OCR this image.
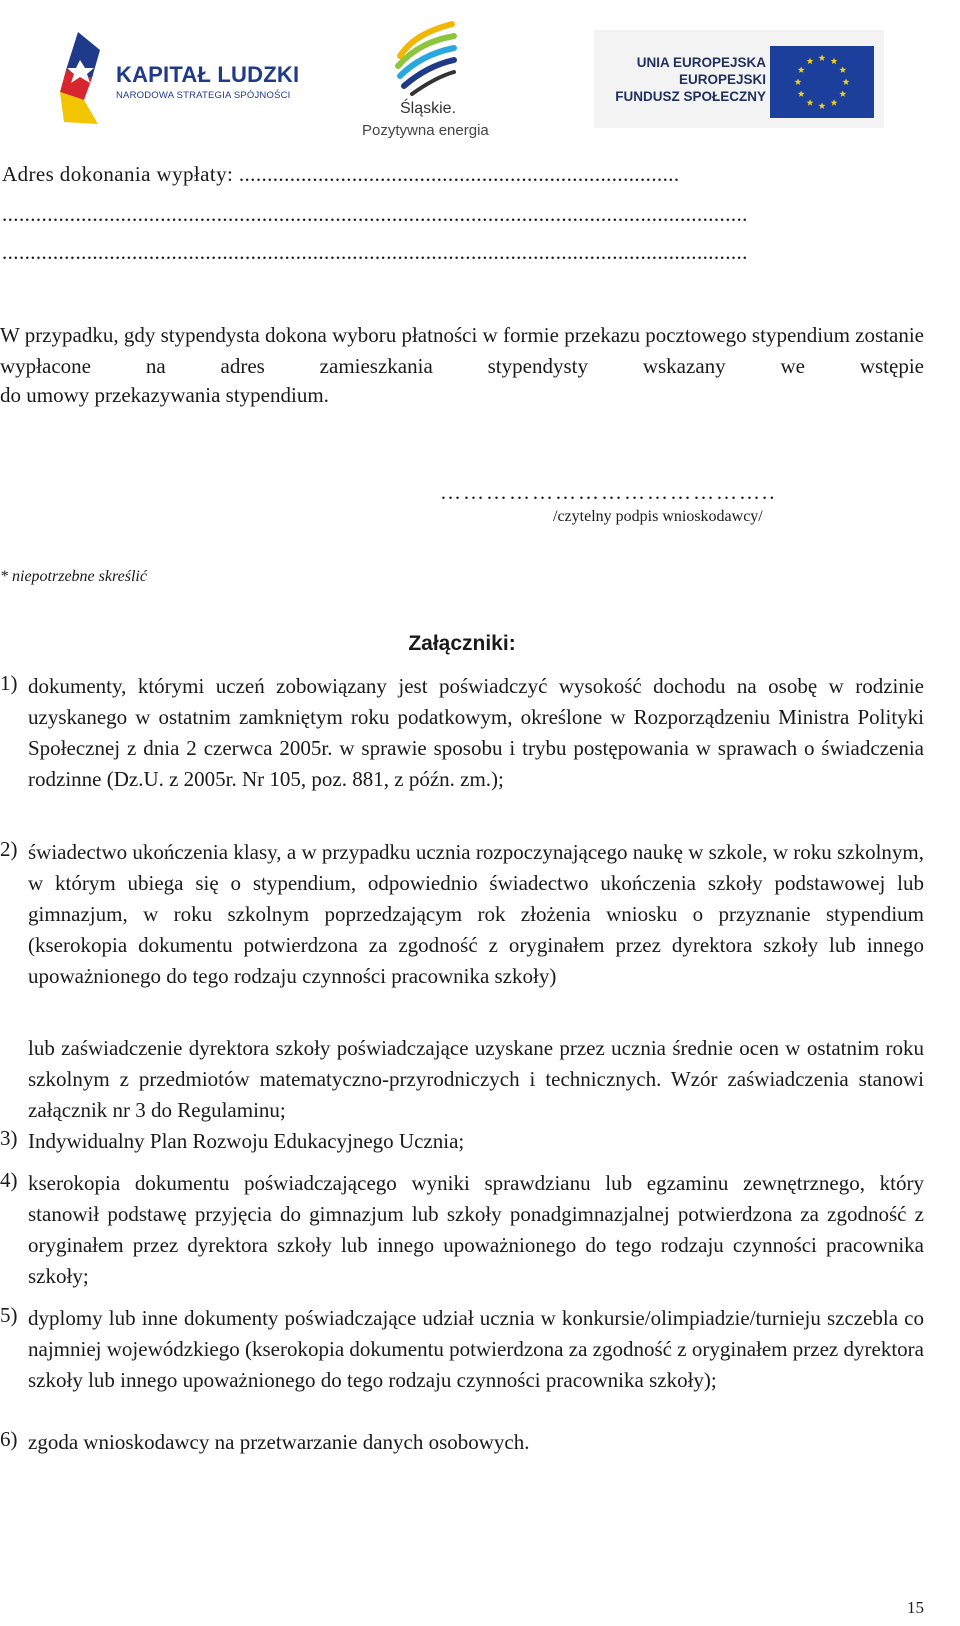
KAPITAŁ LUDZKI
NARODOWA STRATEGIA SPÓJNOŚCI
Śląskie.
Pozytywna energia
UNIA EUROPEJSKA
EUROPEJSKI
FUNDUSZ SPOŁECZNY
Adres dokonania wypłaty: ..............................................................................
....................................................................................................................................
....................................................................................................................................
W przypadku, gdy stypendysta dokona wyboru płatności w formie przekazu pocztowego stypendium zostanie wypłacone na adres zamieszkania stypendysty wskazany we wstępie
do umowy przekazywania stypendium.
……………………………………..
/czytelny podpis wnioskodawcy/
* niepotrzebne skreślić
Załączniki:
1) dokumenty, którymi uczeń zobowiązany jest poświadczyć wysokość dochodu na osobę w rodzinie uzyskanego w ostatnim zamkniętym roku podatkowym, określone w Rozporządzeniu Ministra Polityki Społecznej z dnia 2 czerwca 2005r. w sprawie sposobu i trybu postępowania w sprawach o świadczenia rodzinne (Dz.U. z 2005r. Nr 105, poz. 881, z późn. zm.);
2) świadectwo ukończenia klasy, a w przypadku ucznia rozpoczynającego naukę w szkole, w roku szkolnym, w którym ubiega się o stypendium, odpowiednio świadectwo ukończenia szkoły podstawowej lub gimnazjum, w roku szkolnym poprzedzającym rok złożenia wniosku o przyznanie stypendium (kserokopia dokumentu potwierdzona za zgodność z oryginałem przez dyrektora szkoły lub innego upoważnionego do tego rodzaju czynności pracownika szkoły)
lub zaświadczenie dyrektora szkoły poświadczające uzyskane przez ucznia średnie ocen w ostatnim roku szkolnym z przedmiotów matematyczno-przyrodniczych i technicznych. Wzór zaświadczenia stanowi załącznik nr 3 do Regulaminu;
3) Indywidualny Plan Rozwoju Edukacyjnego Ucznia;
4) kserokopia dokumentu poświadczającego wyniki sprawdzianu lub egzaminu zewnętrznego, który stanowił podstawę przyjęcia do gimnazjum lub szkoły ponadgimnazjalnej potwierdzona za zgodność z oryginałem przez dyrektora szkoły lub innego upoważnionego do tego rodzaju czynności pracownika szkoły;
5) dyplomy lub inne dokumenty poświadczające udział ucznia w konkursie/olimpiadzie/turnieju szczebla co najmniej wojewódzkiego (kserokopia dokumentu potwierdzona za zgodność z oryginałem przez dyrektora szkoły lub innego upoważnionego do tego rodzaju czynności pracownika szkoły);
6) zgoda wnioskodawcy na przetwarzanie danych osobowych.
15
